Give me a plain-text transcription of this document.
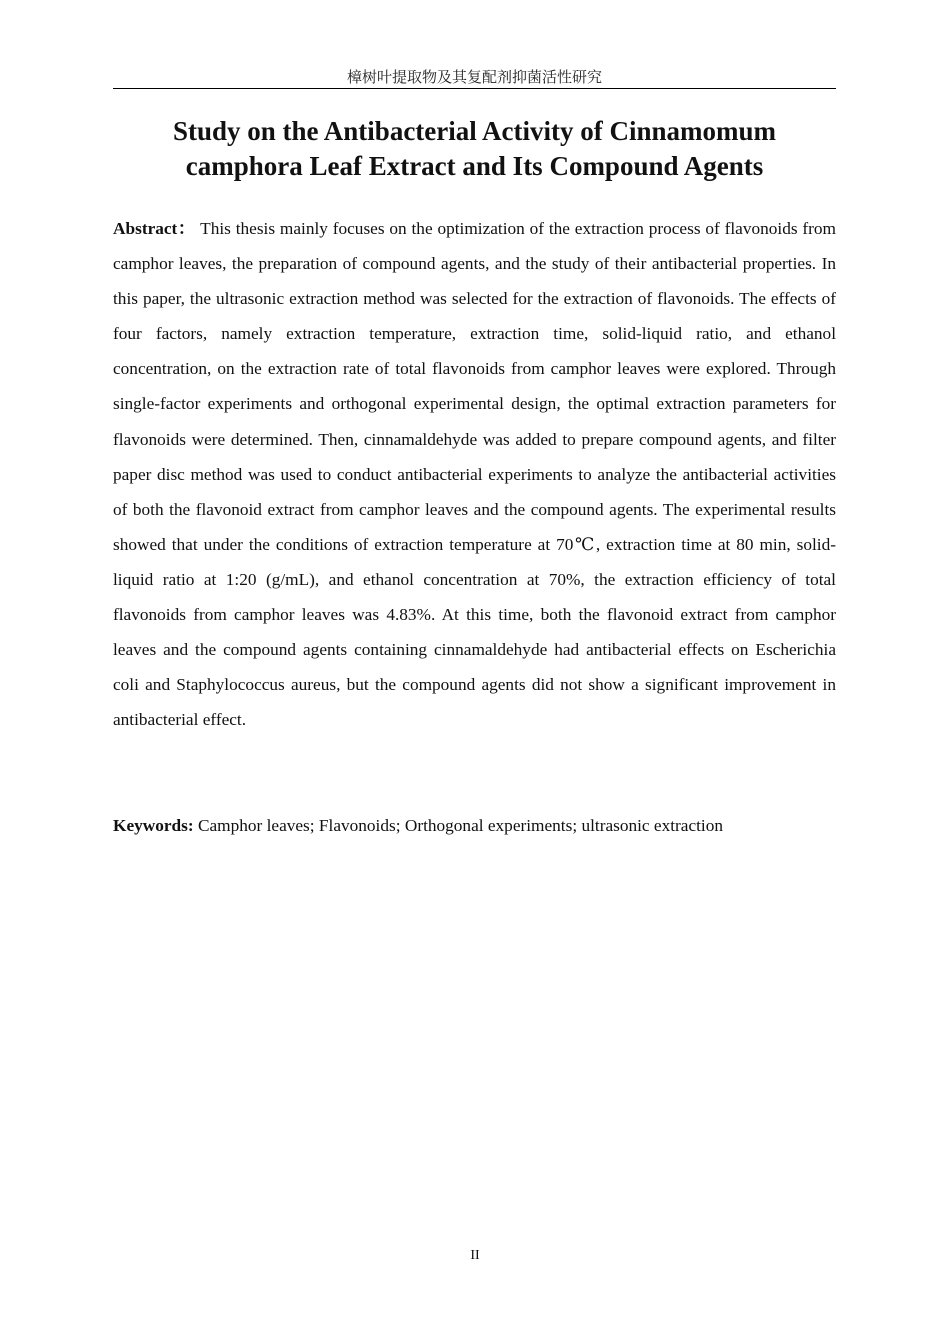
樟树叶提取物及其复配剂抑菌活性研究
Study on the Antibacterial Activity of Cinnamomum
camphora Leaf Extract and Its Compound Agents

Abstract： This thesis mainly focuses on the optimization of the extraction process of flavonoids from camphor leaves, the preparation of compound agents, and the study of their antibacterial properties. In this paper, the ultrasonic extraction method was selected for the extraction of flavonoids. The effects of four factors, namely extraction temperature, extraction time, solid-liquid ratio, and ethanol concentration, on the extraction rate of total flavonoids from camphor leaves were explored. Through single-factor experiments and orthogonal experimental design, the optimal extraction parameters for flavonoids were determined. Then, cinnamaldehyde was added to prepare compound agents, and filter paper disc method was used to conduct antibacterial experiments to analyze the antibacterial activities of both the flavonoid extract from camphor leaves and the compound agents. The experimental results showed that under the conditions of extraction temperature at 70℃, extraction time at 80 min, solid-liquid ratio at 1:20 (g/mL), and ethanol concentration at 70%, the extraction efficiency of total flavonoids from camphor leaves was 4.83%. At this time, both the flavonoid extract from camphor leaves and the compound agents containing cinnamaldehyde had antibacterial effects on Escherichia coli and Staphylococcus aureus, but the compound agents did not show a significant improvement in antibacterial effect.

Keywords: Camphor leaves; Flavonoids; Orthogonal experiments; ultrasonic extraction

II
